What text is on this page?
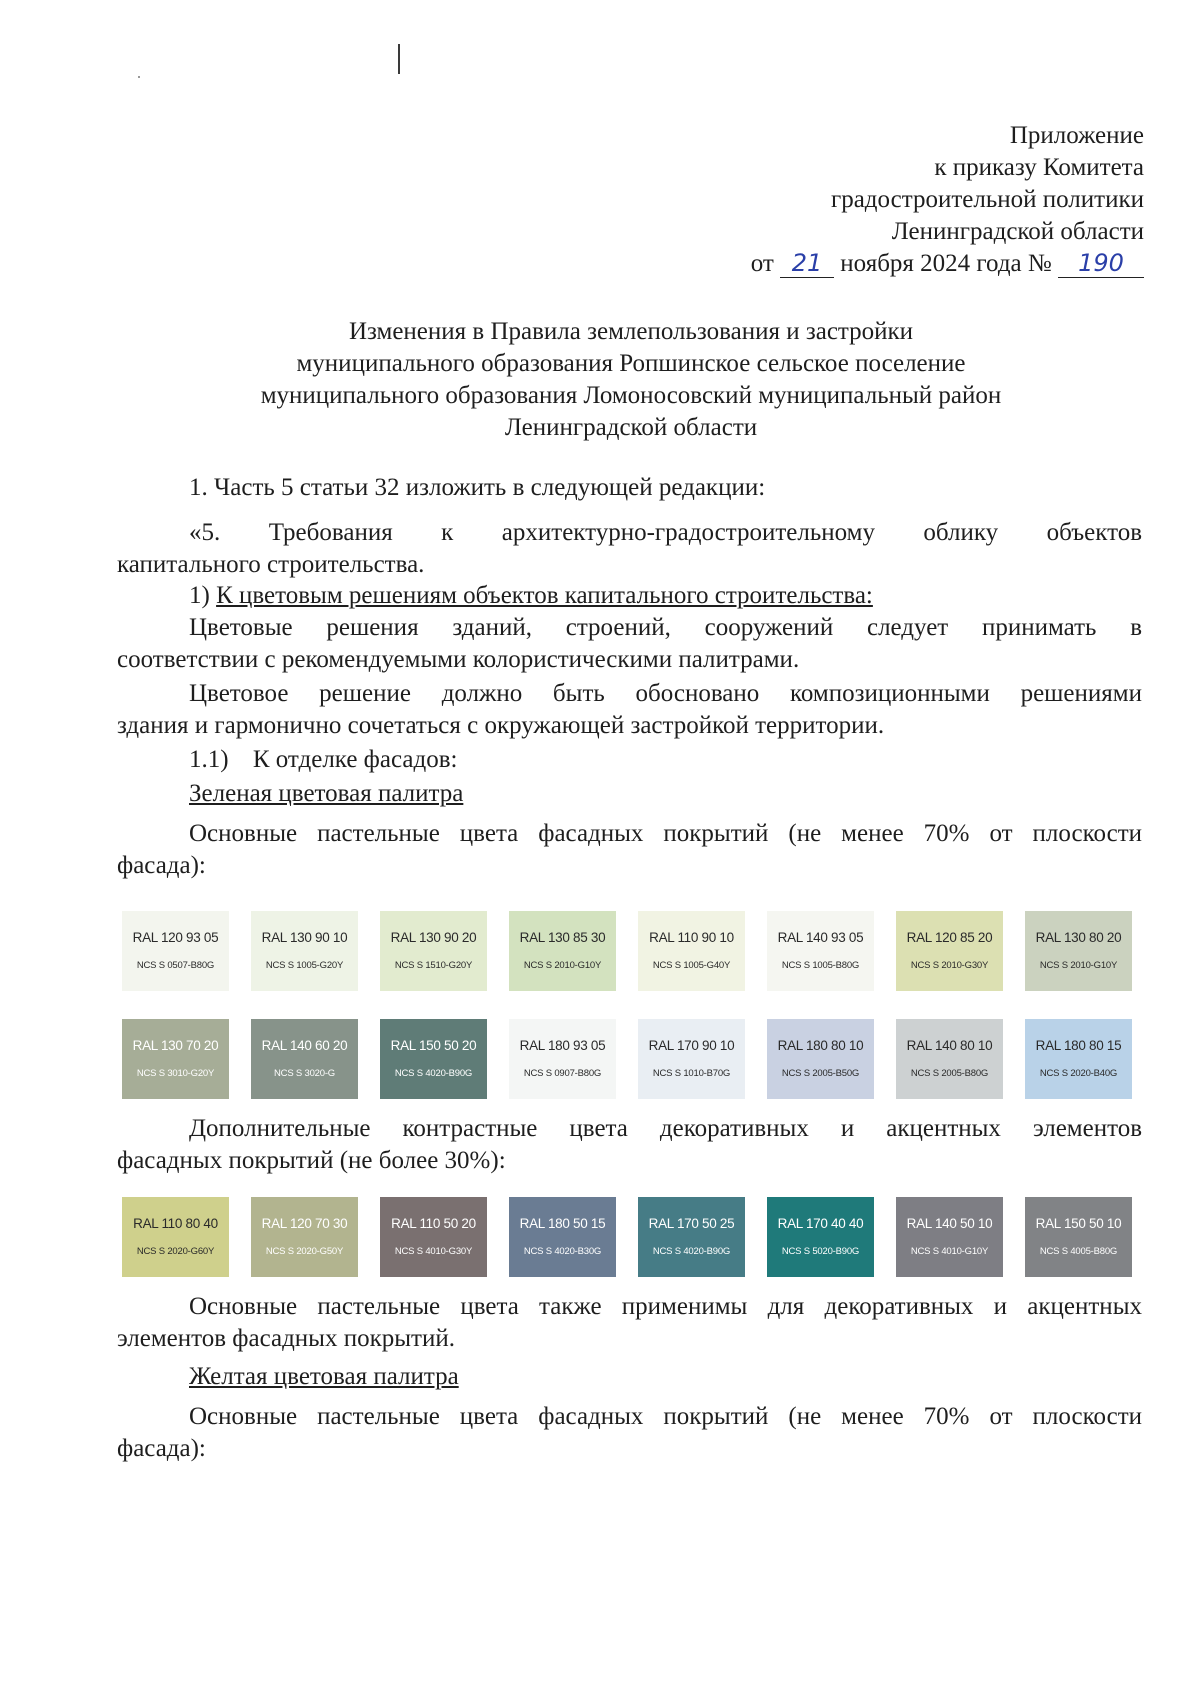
Приложение
к приказу Комитета
градостроительной политики
Ленинградской области
от 21 ноября 2024 года № 190
Изменения в Правила землепользования и застройки
муниципального образования Ропшинское сельское поселение
муниципального образования Ломоносовский муниципальный район
Ленинградской области
1. Часть 5 статьи 32 изложить в следующей редакции:
«5. Требования к архитектурно-градостроительному облику объектов
капитального строительства.
1) К цветовым решениям объектов капитального строительства:
Цветовые решения зданий, строений, сооружений следует принимать в
соответствии с рекомендуемыми колористическими палитрами.
Цветовое решение должно быть обосновано композиционными решениями
здания и гармонично сочетаться с окружающей застройкой территории.
1.1) К отделке фасадов:
Зеленая цветовая палитра
Основные пастельные цвета фасадных покрытий (не менее 70% от плоскости
фасада):
RAL 120 93 05
NCS S 0507-B80G
RAL 130 90 10
NCS S 1005-G20Y
RAL 130 90 20
NCS S 1510-G20Y
RAL 130 85 30
NCS S 2010-G10Y
RAL 110 90 10
NCS S 1005-G40Y
RAL 140 93 05
NCS S 1005-B80G
RAL 120 85 20
NCS S 2010-G30Y
RAL 130 80 20
NCS S 2010-G10Y
RAL 130 70 20
NCS S 3010-G20Y
RAL 140 60 20
NCS S 3020-G
RAL 150 50 20
NCS S 4020-B90G
RAL 180 93 05
NCS S 0907-B80G
RAL 170 90 10
NCS S 1010-B70G
RAL 180 80 10
NCS S 2005-B50G
RAL 140 80 10
NCS S 2005-B80G
RAL 180 80 15
NCS S 2020-B40G
Дополнительные контрастные цвета декоративных и акцентных элементов
фасадных покрытий (не более 30%):
RAL 110 80 40
NCS S 2020-G60Y
RAL 120 70 30
NCS S 2020-G50Y
RAL 110 50 20
NCS S 4010-G30Y
RAL 180 50 15
NCS S 4020-B30G
RAL 170 50 25
NCS S 4020-B90G
RAL 170 40 40
NCS S 5020-B90G
RAL 140 50 10
NCS S 4010-G10Y
RAL 150 50 10
NCS S 4005-B80G
Основные пастельные цвета также применимы для декоративных и акцентных
элементов фасадных покрытий.
Желтая цветовая палитра
Основные пастельные цвета фасадных покрытий (не менее 70% от плоскости
фасада):
